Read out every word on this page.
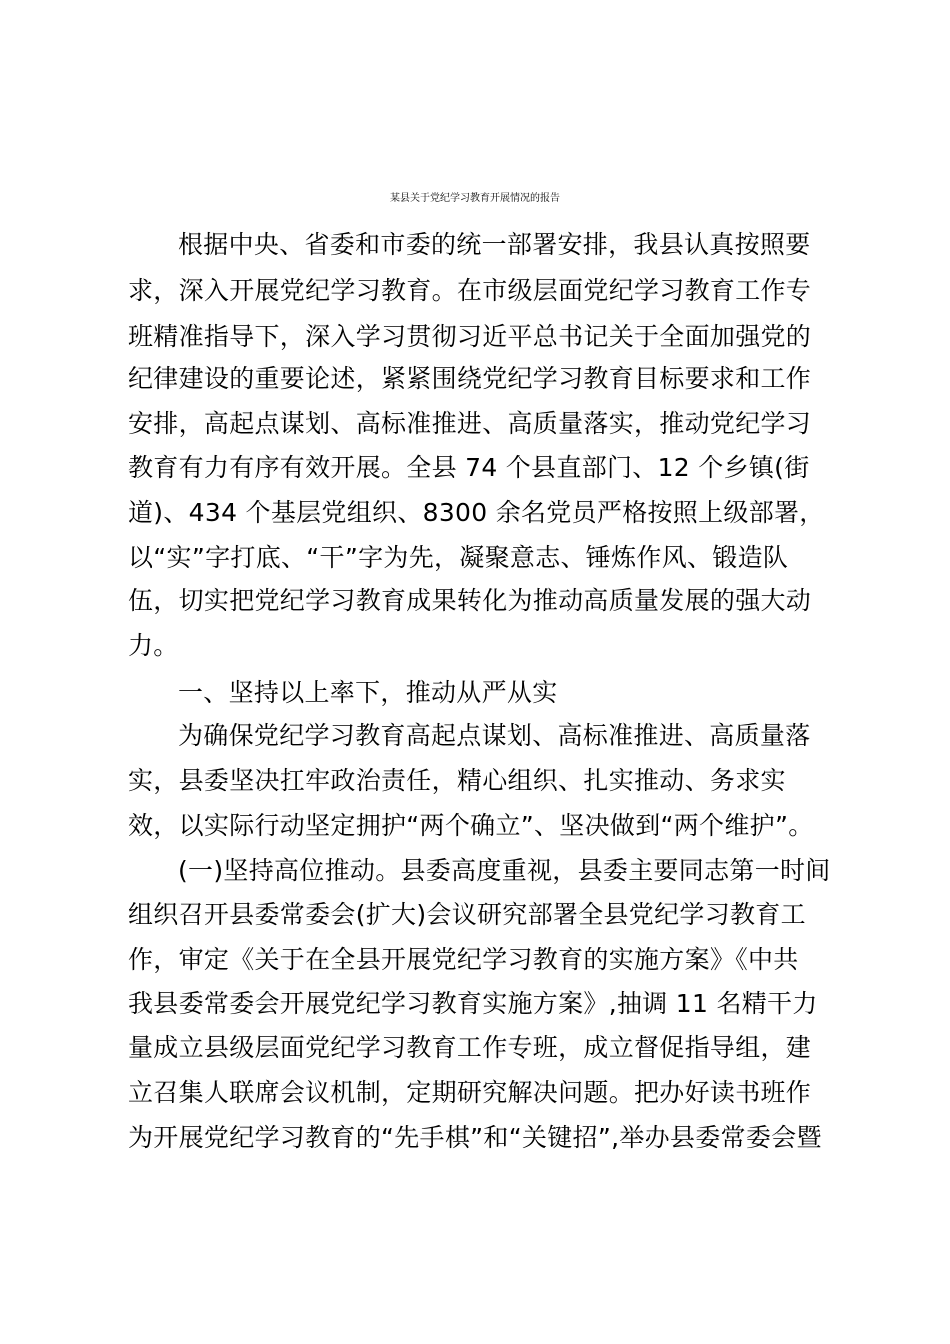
某县关于党纪学习教育开展情况的报告
根据中央、省委和市委的统一部署安排，我县认真按照要
求，深入开展党纪学习教育。在市级层面党纪学习教育工作专
班精准指导下，深入学习贯彻习近平总书记关于全面加强党的
纪律建设的重要论述，紧紧围绕党纪学习教育目标要求和工作
安排，高起点谋划、高标准推进、高质量落实，推动党纪学习
教育有力有序有效开展。全县 74 个县直部门、12 个乡镇(街
道)、434 个基层党组织、8300 余名党员严格按照上级部署，
以“实”字打底、“干”字为先，凝聚意志、锤炼作风、锻造队
伍，切实把党纪学习教育成果转化为推动高质量发展的强大动
力。
一、坚持以上率下，推动从严从实
为确保党纪学习教育高起点谋划、高标准推进、高质量落
实，县委坚决扛牢政治责任，精心组织、扎实推动、务求实
效，以实际行动坚定拥护“两个确立”、坚决做到“两个维护”。
(一)坚持高位推动。县委高度重视，县委主要同志第一时间
组织召开县委常委会(扩大)会议研究部署全县党纪学习教育工
作，审定《关于在全县开展党纪学习教育的实施方案》《中共
我县委常委会开展党纪学习教育实施方案》,抽调 11 名精干力
量成立县级层面党纪学习教育工作专班，成立督促指导组，建
立召集人联席会议机制，定期研究解决问题。把办好读书班作
为开展党纪学习教育的“先手棋”和“关键招”,举办县委常委会暨
